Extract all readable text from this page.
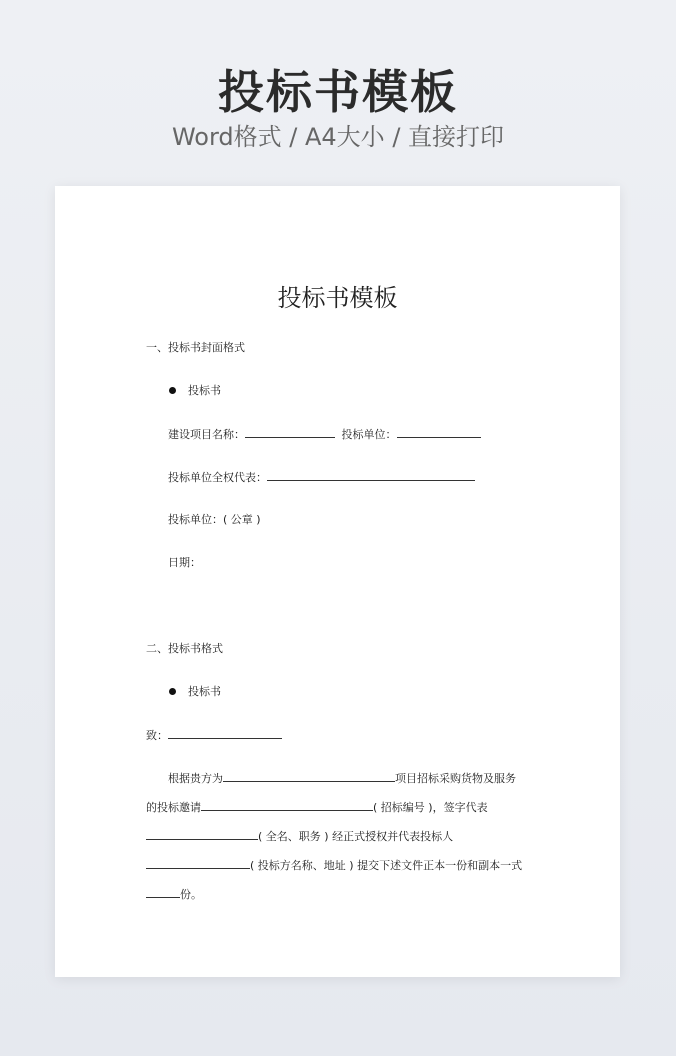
投标书模板
Word格式 / A4大小 / 直接打印
投标书模板
一、投标书封面格式
投标书
建设项目名称：	投标单位：
投标单位全权代表：
投标单位：( 公章 )
日期：
二、投标书格式
投标书
致：
根据贵方为	项目招标采购货物及服务
的投标邀请	( 招标编号 )，签字代表
( 全名、职务 ) 经正式授权并代表投标人
( 投标方名称、地址 ) 提交下述文件正本一份和副本一式
份。
